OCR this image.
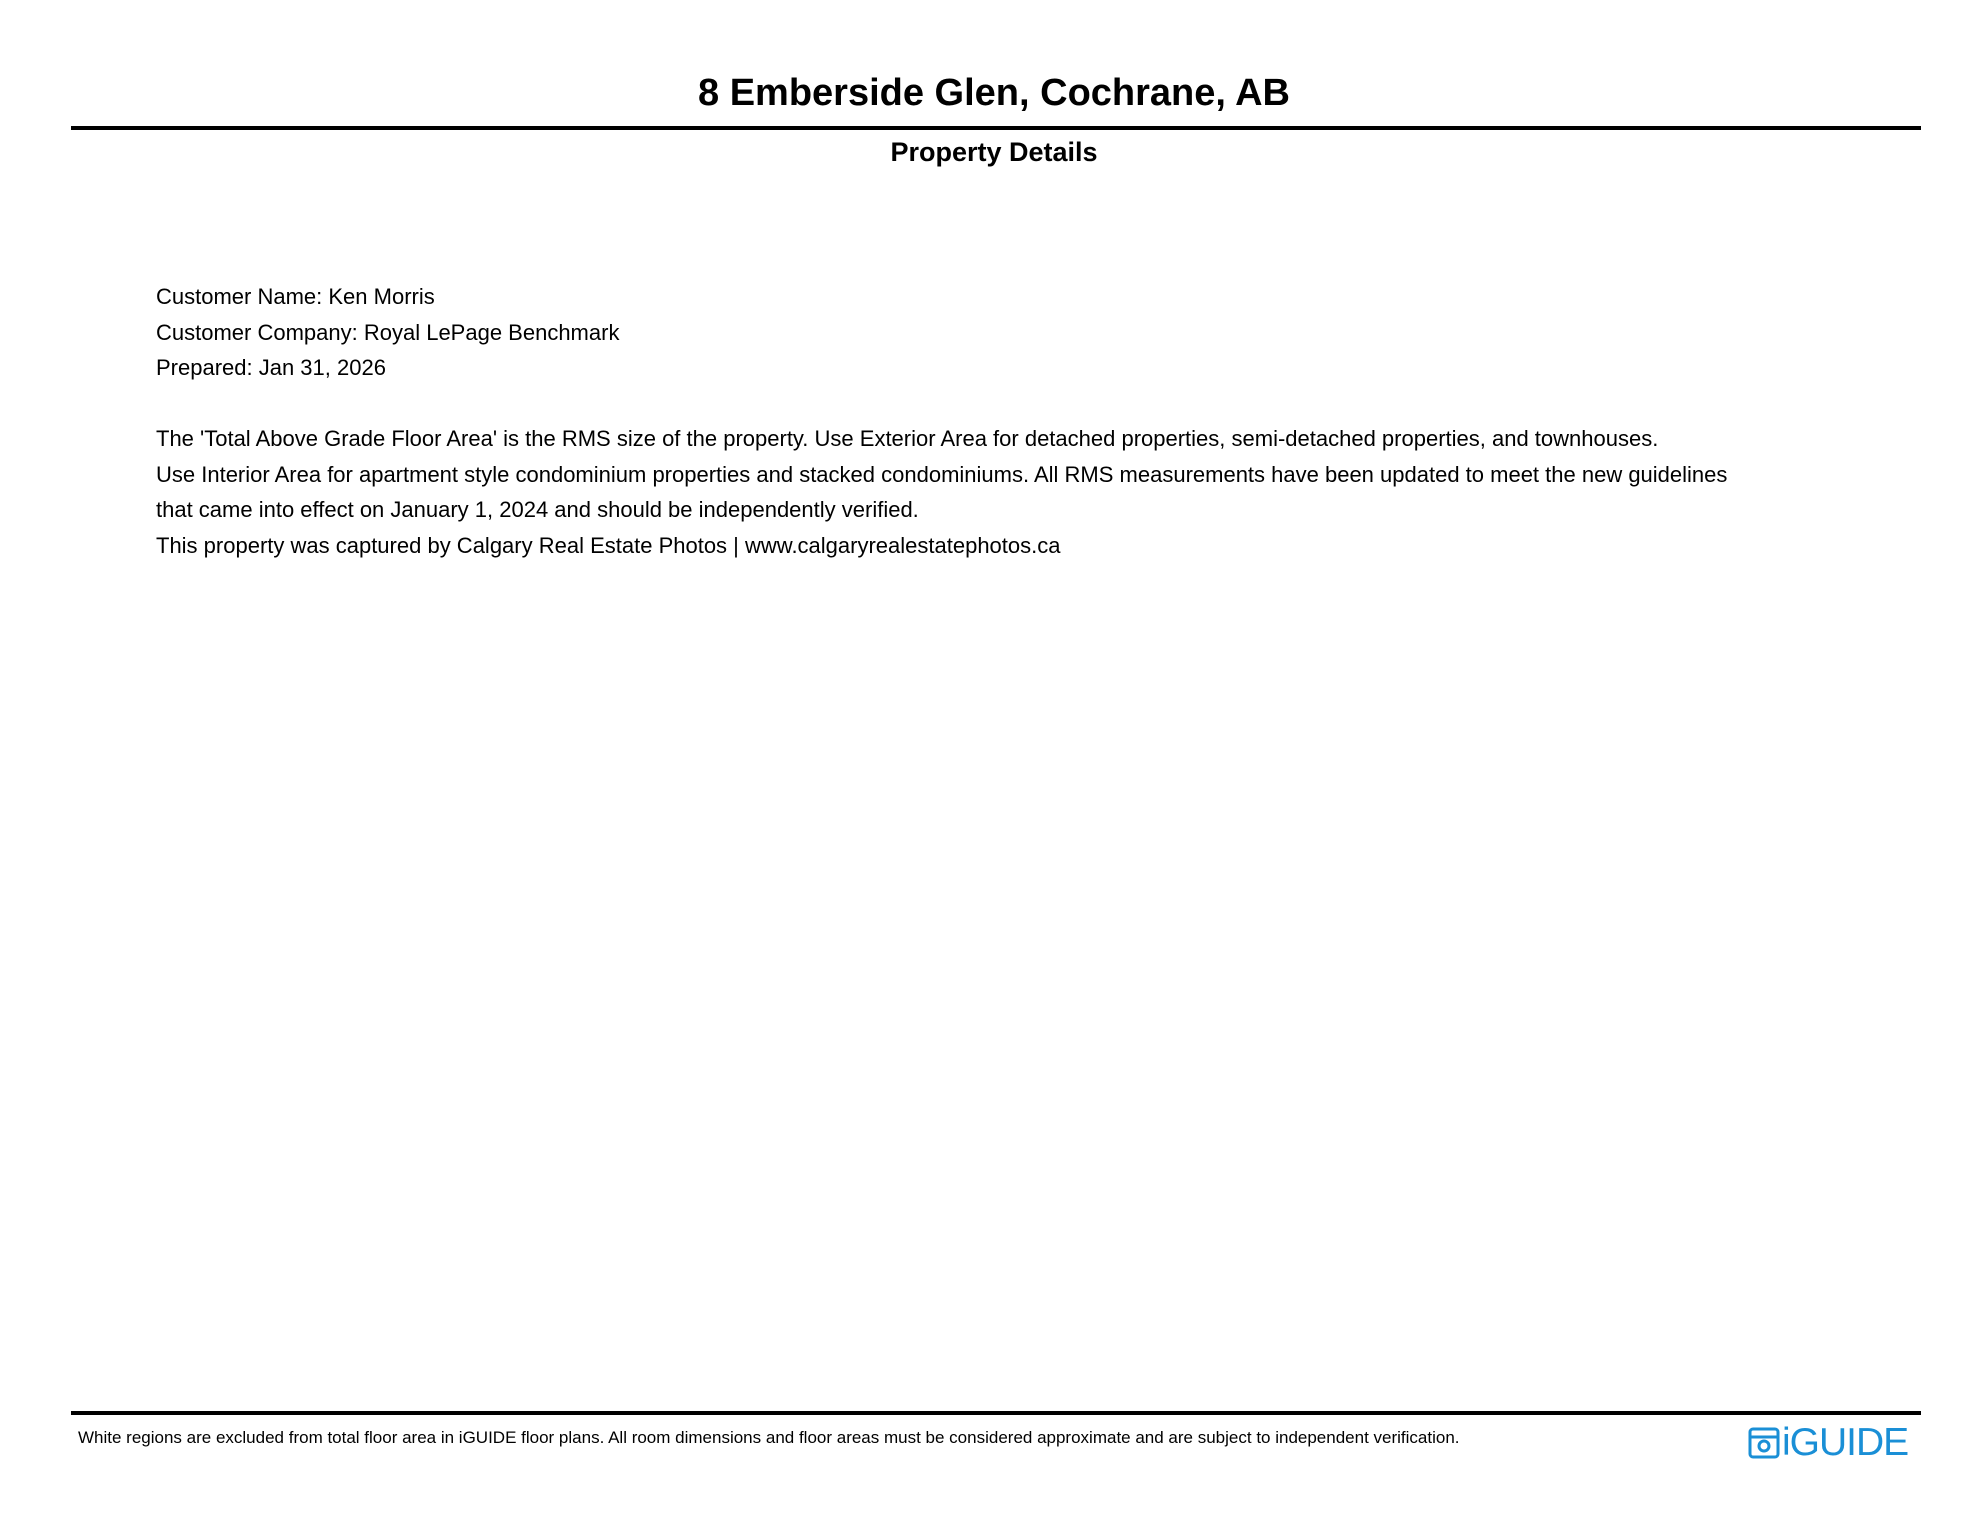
8 Emberside Glen, Cochrane, AB
Property Details
Customer Name: Ken Morris
Customer Company: Royal LePage Benchmark
Prepared: Jan 31, 2026
The 'Total Above Grade Floor Area' is the RMS size of the property. Use Exterior Area for detached properties, semi-detached properties, and townhouses.
Use Interior Area for apartment style condominium properties and stacked condominiums. All RMS measurements have been updated to meet the new guidelines
that came into effect on January 1, 2024 and should be independently verified.
This property was captured by Calgary Real Estate Photos | www.calgaryrealestatephotos.ca
White regions are excluded from total floor area in iGUIDE floor plans. All room dimensions and floor areas must be considered approximate and are subject to independent verification.	iGUIDE
